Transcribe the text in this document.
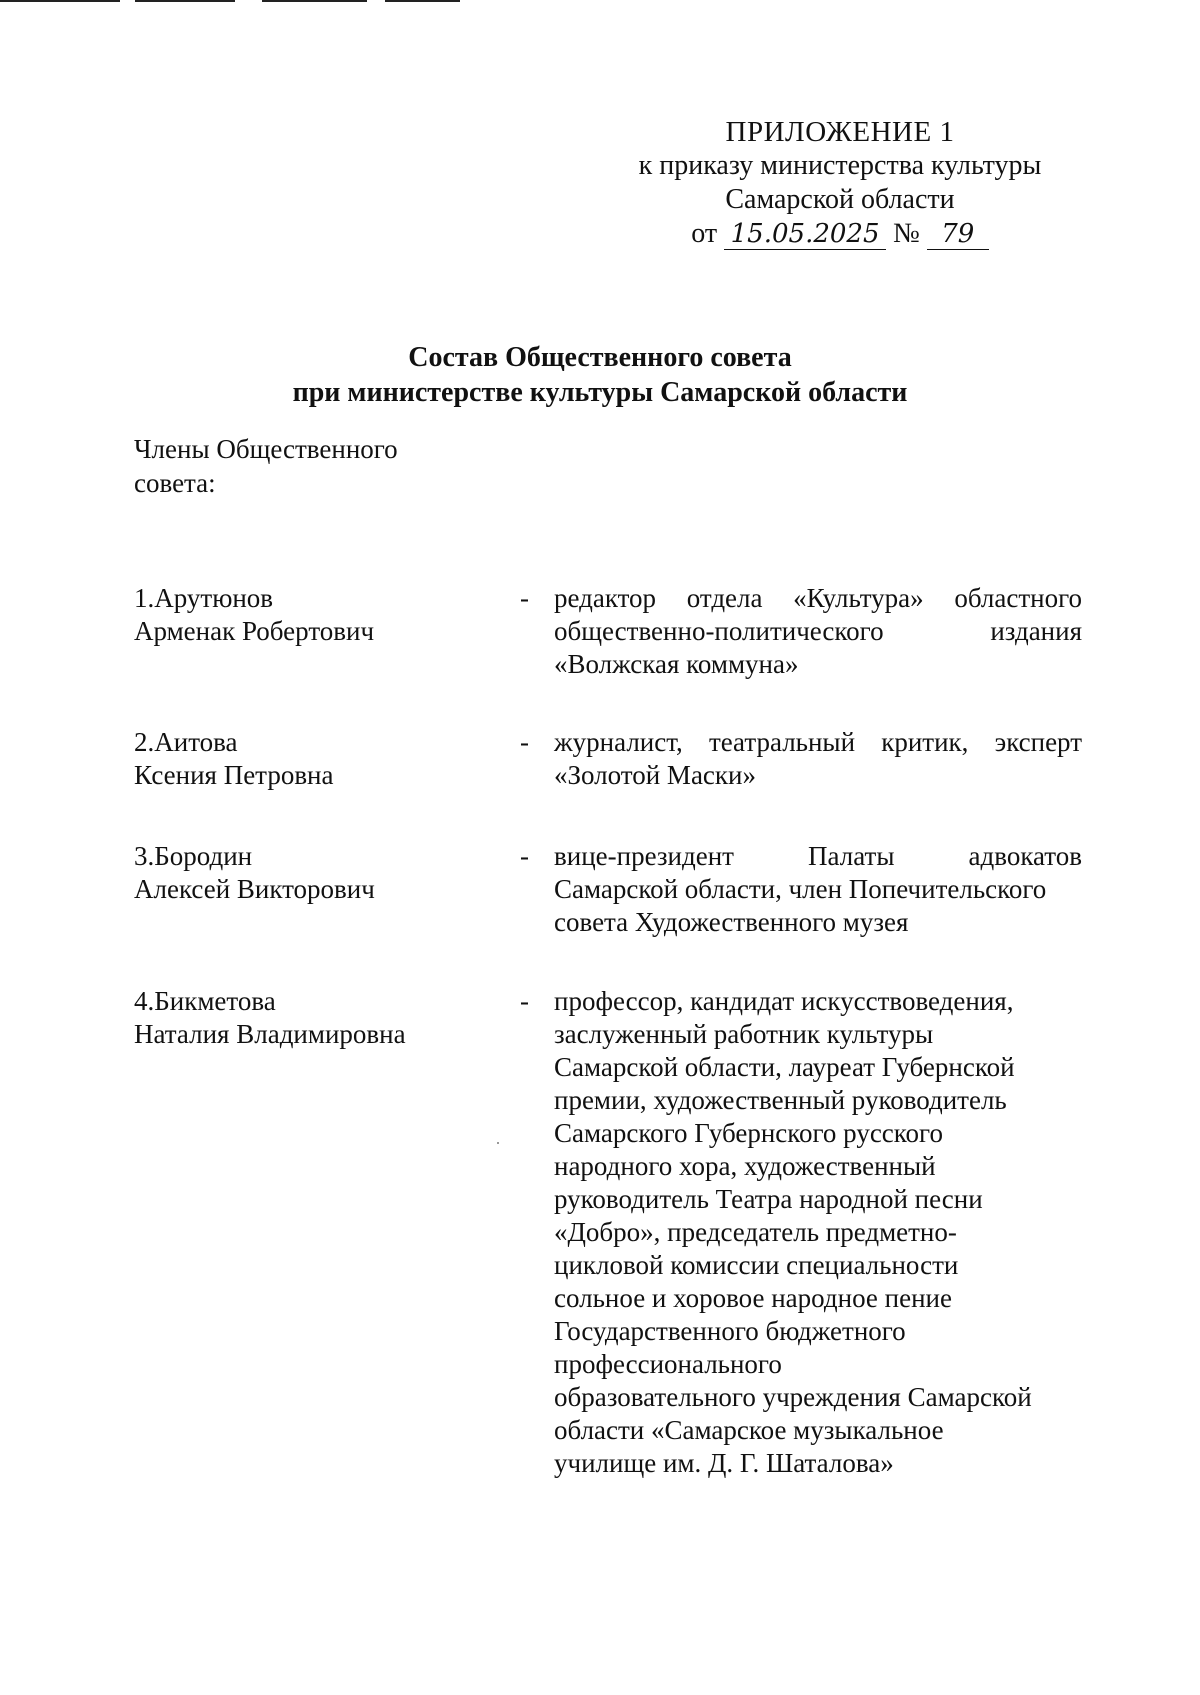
ПРИЛОЖЕНИЕ 1
к приказу министерства культуры
Самарской области
от 15.05.2025 № 79
Состав Общественного совета
при министерстве культуры Самарской области
Члены Общественного
совета:
1.Арутюнов
Арменак Робертович
- редактор отдела «Культура» областного
общественно-политического издания
«Волжская коммуна»
2.Аитова
Ксения Петровна
- журналист, театральный критик, эксперт
«Золотой Маски»
3.Бородин
Алексей Викторович
- вице-президент Палаты адвокатов
Самарской области, член Попечительского
совета Художественного музея
4.Бикметова
Наталия Владимировна
- профессор, кандидат искусствоведения,
заслуженный работник культуры
Самарской области, лауреат Губернской
премии, художественный руководитель
Самарского Губернского русского
народного хора, художественный
руководитель Театра народной песни
«Добро», председатель предметно-
цикловой комиссии специальности
сольное и хоровое народное пение
Государственного бюджетного
профессионального
образовательного учреждения Самарской
области «Самарское музыкальное
училище им. Д. Г. Шаталова»
